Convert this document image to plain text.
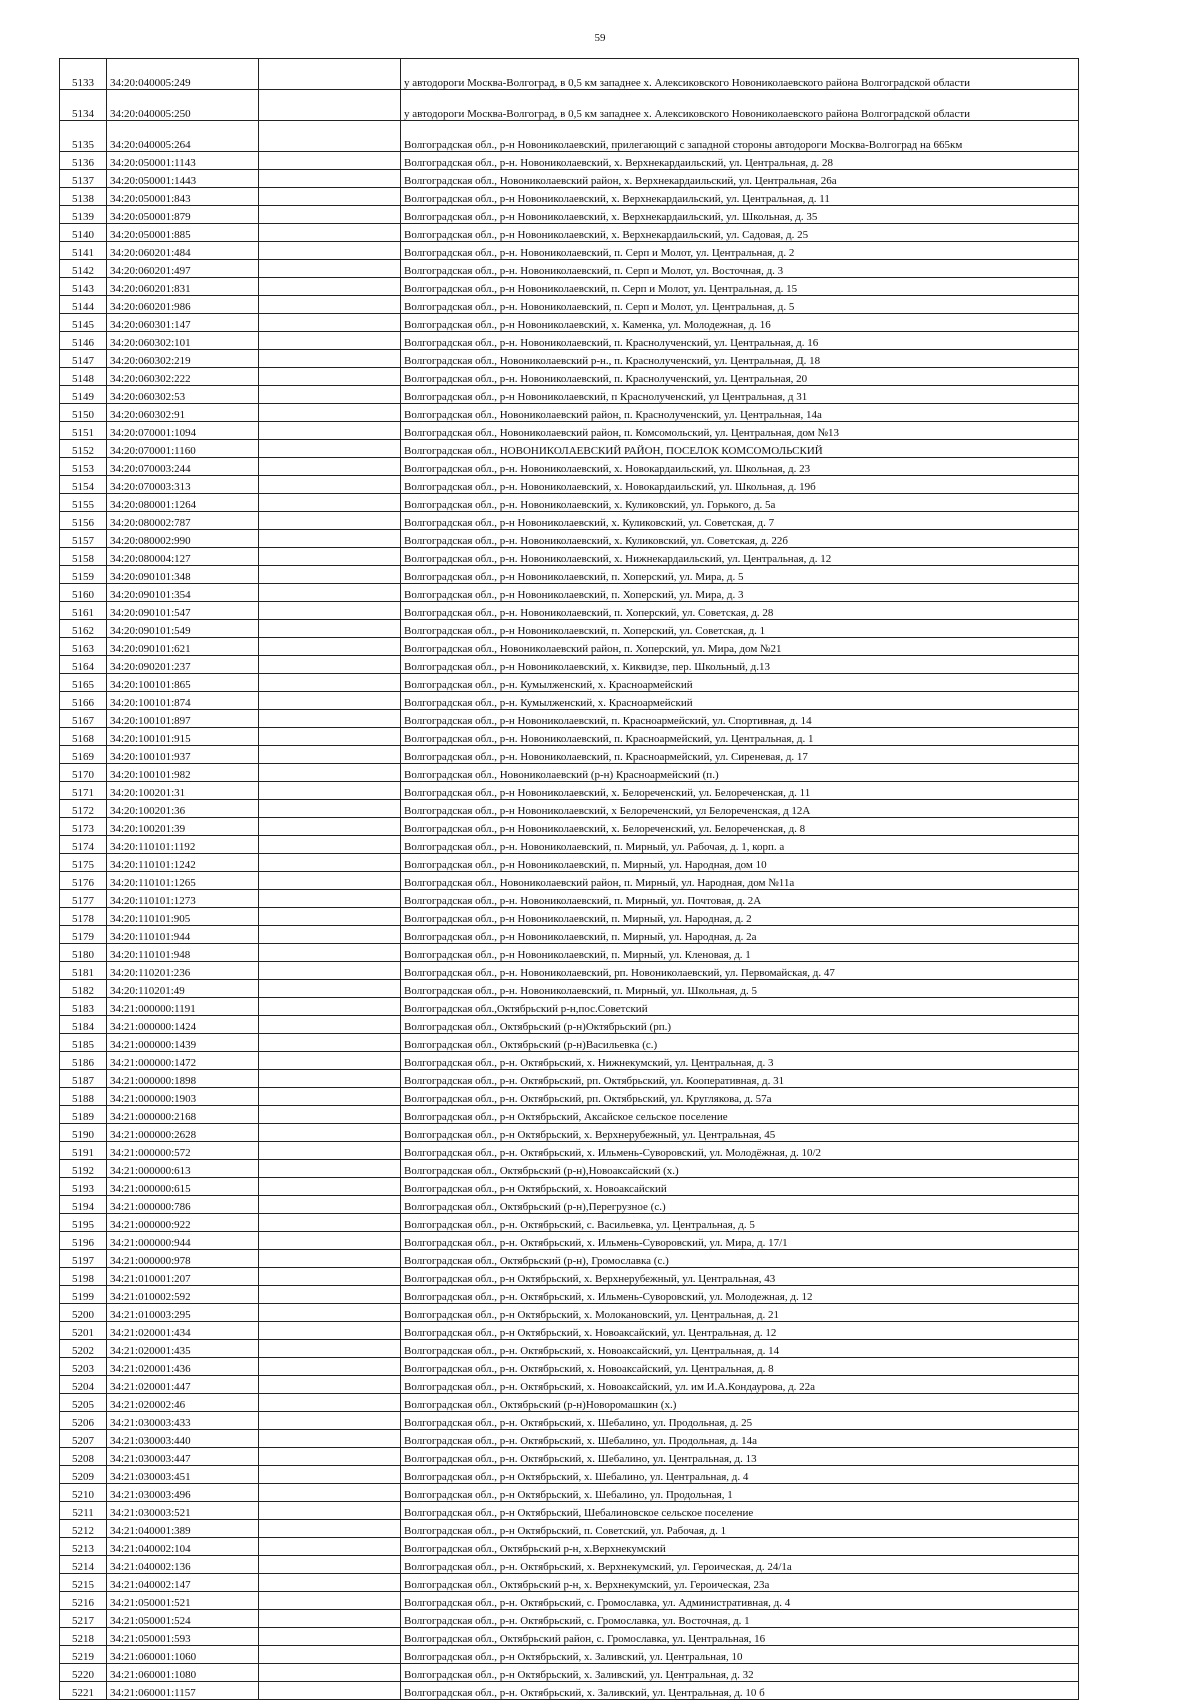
59
5133	34:20:040005:249		у автодороги Москва-Волгоград, в 0,5 км западнее х. Алексиковского Новониколаевского района Волгоградской области
5134	34:20:040005:250		у автодороги Москва-Волгоград, в 0,5 км западнее х. Алексиковского Новониколаевского района Волгоградской области
5135	34:20:040005:264		Волгоградская обл., р-н Новониколаевский, прилегающий с западной стороны автодороги Москва-Волгоград на 665км
5136	34:20:050001:1143		Волгоградская обл., р-н. Новониколаевский, х. Верхнекардаильский, ул. Центральная, д. 28
5137	34:20:050001:1443		Волгоградская обл., Новониколаевский район, х. Верхнекардаильский, ул. Центральная, 26а
5138	34:20:050001:843		Волгоградская обл., р-н Новониколаевский, х. Верхнекардаильский, ул. Центральная, д. 11
5139	34:20:050001:879		Волгоградская обл., р-н Новониколаевский, х. Верхнекардаильский, ул. Школьная, д. 35
5140	34:20:050001:885		Волгоградская обл., р-н Новониколаевский, х. Верхнекардаильский, ул. Садовая, д. 25
5141	34:20:060201:484		Волгоградская обл., р-н. Новониколаевский, п. Серп и Молот, ул. Центральная, д. 2
5142	34:20:060201:497		Волгоградская обл., р-н. Новониколаевский, п. Серп и Молот, ул. Восточная, д. 3
5143	34:20:060201:831		Волгоградская обл., р-н Новониколаевский, п. Серп и Молот, ул. Центральная, д. 15
5144	34:20:060201:986		Волгоградская обл., р-н. Новониколаевский, п. Серп и Молот, ул. Центральная, д. 5
5145	34:20:060301:147		Волгоградская обл., р-н Новониколаевский, х. Каменка, ул. Молодежная, д. 16
5146	34:20:060302:101		Волгоградская обл., р-н. Новониколаевский, п. Краснолученский, ул. Центральная, д. 16
5147	34:20:060302:219		Волгоградская обл., Новониколаевский р-н., п. Краснолученский, ул. Центральная, Д. 18
5148	34:20:060302:222		Волгоградская обл., р-н. Новониколаевский, п. Краснолученский, ул. Центральная, 20
5149	34:20:060302:53		Волгоградская обл., р-н Новониколаевский, п Краснолученский, ул Центральная, д 31
5150	34:20:060302:91		Волгоградская обл., Новониколаевский район, п. Краснолученский, ул. Центральная, 14а
5151	34:20:070001:1094		Волгоградская обл., Новониколаевский район, п. Комсомольский, ул. Центральная, дом №13
5152	34:20:070001:1160		Волгоградская обл., НОВОНИКОЛАЕВСКИЙ РАЙОН, ПОСЕЛОК КОМСОМОЛЬСКИЙ
5153	34:20:070003:244		Волгоградская обл., р-н. Новониколаевский, х. Новокардаильский, ул. Школьная, д. 23
5154	34:20:070003:313		Волгоградская обл., р-н. Новониколаевский, х. Новокардаильский, ул. Школьная, д. 19б
5155	34:20:080001:1264		Волгоградская обл., р-н. Новониколаевский, х. Куликовский, ул. Горького, д. 5а
5156	34:20:080002:787		Волгоградская обл., р-н Новониколаевский, х. Куликовский, ул. Советская, д. 7
5157	34:20:080002:990		Волгоградская обл., р-н. Новониколаевский, х. Куликовский, ул. Советская, д. 22б
5158	34:20:080004:127		Волгоградская обл., р-н. Новониколаевский, х. Нижнекардаильский, ул. Центральная, д. 12
5159	34:20:090101:348		Волгоградская обл., р-н Новониколаевский, п. Хоперский, ул. Мира, д. 5
5160	34:20:090101:354		Волгоградская обл., р-н Новониколаевский, п. Хоперский, ул. Мира, д. 3
5161	34:20:090101:547		Волгоградская обл., р-н. Новониколаевский, п. Хоперский, ул. Советская, д. 28
5162	34:20:090101:549		Волгоградская обл., р-н Новониколаевский, п. Хоперский, ул. Советская, д. 1
5163	34:20:090101:621		Волгоградская обл., Новониколаевский район, п. Хоперский, ул. Мира, дом №21
5164	34:20:090201:237		Волгоградская обл., р-н Новониколаевский, х. Киквидзе, пер. Школьный, д.13
5165	34:20:100101:865		Волгоградская обл., р-н. Кумылженский, х. Красноармейский
5166	34:20:100101:874		Волгоградская обл., р-н. Кумылженский, х. Красноармейский
5167	34:20:100101:897		Волгоградская обл., р-н Новониколаевский, п. Красноармейский, ул. Спортивная, д. 14
5168	34:20:100101:915		Волгоградская обл., р-н. Новониколаевский, п. Красноармейский, ул. Центральная, д. 1
5169	34:20:100101:937		Волгоградская обл., р-н. Новониколаевский, п. Красноармейский, ул. Сиреневая, д. 17
5170	34:20:100101:982		Волгоградская обл., Новониколаевский (р-н) Красноармейский (п.)
5171	34:20:100201:31		Волгоградская обл., р-н Новониколаевский, х. Белореченский, ул. Белореченская, д. 11
5172	34:20:100201:36		Волгоградская обл., р-н Новониколаевский, х Белореченский, ул Белореченская, д 12А
5173	34:20:100201:39		Волгоградская обл., р-н Новониколаевский, х. Белореченский, ул. Белореченская, д. 8
5174	34:20:110101:1192		Волгоградская обл., р-н. Новониколаевский, п. Мирный, ул. Рабочая, д. 1, корп. а
5175	34:20:110101:1242		Волгоградская обл., р-н Новониколаевский, п. Мирный, ул. Народная, дом 10
5176	34:20:110101:1265		Волгоградская обл., Новониколаевский район, п. Мирный, ул. Народная, дом №11а
5177	34:20:110101:1273		Волгоградская обл., р-н. Новониколаевский, п. Мирный, ул. Почтовая, д. 2А
5178	34:20:110101:905		Волгоградская обл., р-н Новониколаевский, п. Мирный, ул. Народная, д. 2
5179	34:20:110101:944		Волгоградская обл., р-н Новониколаевский, п. Мирный, ул. Народная, д. 2а
5180	34:20:110101:948		Волгоградская обл., р-н Новониколаевский, п. Мирный, ул. Кленовая, д. 1
5181	34:20:110201:236		Волгоградская обл., р-н. Новониколаевский, рп. Новониколаевский, ул. Первомайская, д. 47
5182	34:20:110201:49		Волгоградская обл., р-н. Новониколаевский, п. Мирный, ул. Школьная, д. 5
5183	34:21:000000:1191		Волгоградская обл.,Октябрьский р-н,пос.Советский
5184	34:21:000000:1424		Волгоградская обл., Октябрьский (р-н)Октябрьский (рп.)
5185	34:21:000000:1439		Волгоградская обл., Октябрьский (р-н)Васильевка (с.)
5186	34:21:000000:1472		Волгоградская обл., р-н. Октябрьский, х. Нижнекумский, ул. Центральная, д. 3
5187	34:21:000000:1898		Волгоградская обл., р-н. Октябрьский, рп. Октябрьский, ул. Кооперативная, д. 31
5188	34:21:000000:1903		Волгоградская обл., р-н. Октябрьский, рп. Октябрьский, ул. Круглякова, д. 57а
5189	34:21:000000:2168		Волгоградская обл., р-н Октябрьский, Аксайское сельское поселение
5190	34:21:000000:2628		Волгоградская обл., р-н Октябрьский, х. Верхнерубежный, ул. Центральная, 45
5191	34:21:000000:572		Волгоградская обл., р-н. Октябрьский, х. Ильмень-Суворовский, ул. Молодёжная, д. 10/2
5192	34:21:000000:613		Волгоградская обл., Октябрьский (р-н),Новоаксайский (х.)
5193	34:21:000000:615		Волгоградская обл., р-н Октябрьский, х. Новоаксайский
5194	34:21:000000:786		Волгоградская обл., Октябрьский (р-н),Перегрузное (с.)
5195	34:21:000000:922		Волгоградская обл., р-н. Октябрьский, с. Васильевка, ул. Центральная, д. 5
5196	34:21:000000:944		Волгоградская обл., р-н. Октябрьский, х. Ильмень-Суворовский, ул. Мира, д. 17/1
5197	34:21:000000:978		Волгоградская обл., Октябрьский (р-н), Громославка (с.)
5198	34:21:010001:207		Волгоградская обл., р-н Октябрьский, х. Верхнерубежный, ул. Центральная, 43
5199	34:21:010002:592		Волгоградская обл., р-н. Октябрьский, х. Ильмень-Суворовский, ул. Молодежная, д. 12
5200	34:21:010003:295		Волгоградская обл., р-н Октябрьский, х. Молоканoвский, ул. Центральная, д. 21
5201	34:21:020001:434		Волгоградская обл., р-н Октябрьский, х. Новоаксайский, ул. Центральная, д. 12
5202	34:21:020001:435		Волгоградская обл., р-н. Октябрьский, х. Новоаксайский, ул. Центральная, д. 14
5203	34:21:020001:436		Волгоградская обл., р-н. Октябрьский, х. Новоаксайский, ул. Центральная, д. 8
5204	34:21:020001:447		Волгоградская обл., р-н. Октябрьский, х. Новоаксайский, ул. им И.А.Кондаурова, д. 22а
5205	34:21:020002:46		Волгоградская обл., Октябрьский (р-н)Новоромашкин (х.)
5206	34:21:030003:433		Волгоградская обл., р-н. Октябрьский, х. Шебалино, ул. Продольная, д. 25
5207	34:21:030003:440		Волгоградская обл., р-н. Октябрьский, х. Шебалино, ул. Продольная, д. 14а
5208	34:21:030003:447		Волгоградская обл., р-н. Октябрьский, х. Шебалино, ул. Центральная, д. 13
5209	34:21:030003:451		Волгоградская обл., р-н Октябрьский, х. Шебалино, ул. Центральная, д. 4
5210	34:21:030003:496		Волгоградская обл., р-н Октябрьский, х. Шебалино, ул. Продольная, 1
5211	34:21:030003:521		Волгоградская обл., р-н Октябрьский, Шебалиновское сельское поселение
5212	34:21:040001:389		Волгоградская обл., р-н Октябрьский, п. Советский, ул. Рабочая, д. 1
5213	34:21:040002:104		Волгоградская обл., Октябрьский р-н, х.Верхнекумский
5214	34:21:040002:136		Волгоградская обл., р-н. Октябрьский, х. Верхнекумский, ул. Героическая, д. 24/1а
5215	34:21:040002:147		Волгоградская обл., Октябрьский р-н, х. Верхнекумский, ул. Героическая, 23а
5216	34:21:050001:521		Волгоградская обл., р-н. Октябрьский, с. Громославка, ул. Административная, д. 4
5217	34:21:050001:524		Волгоградская обл., р-н. Октябрьский, с. Громославка, ул. Восточная, д. 1
5218	34:21:050001:593		Волгоградская обл., Октябрьский район, с. Громославка, ул. Центральная, 16
5219	34:21:060001:1060		Волгоградская обл., р-н Октябрьский, х. Заливский, ул. Центральная, 10
5220	34:21:060001:1080		Волгоградская обл., р-н Октябрьский, х. Заливский, ул. Центральная, д. 32
5221	34:21:060001:1157		Волгоградская обл., р-н. Октябрьский, х. Заливский, ул. Центральная, д. 10 б
